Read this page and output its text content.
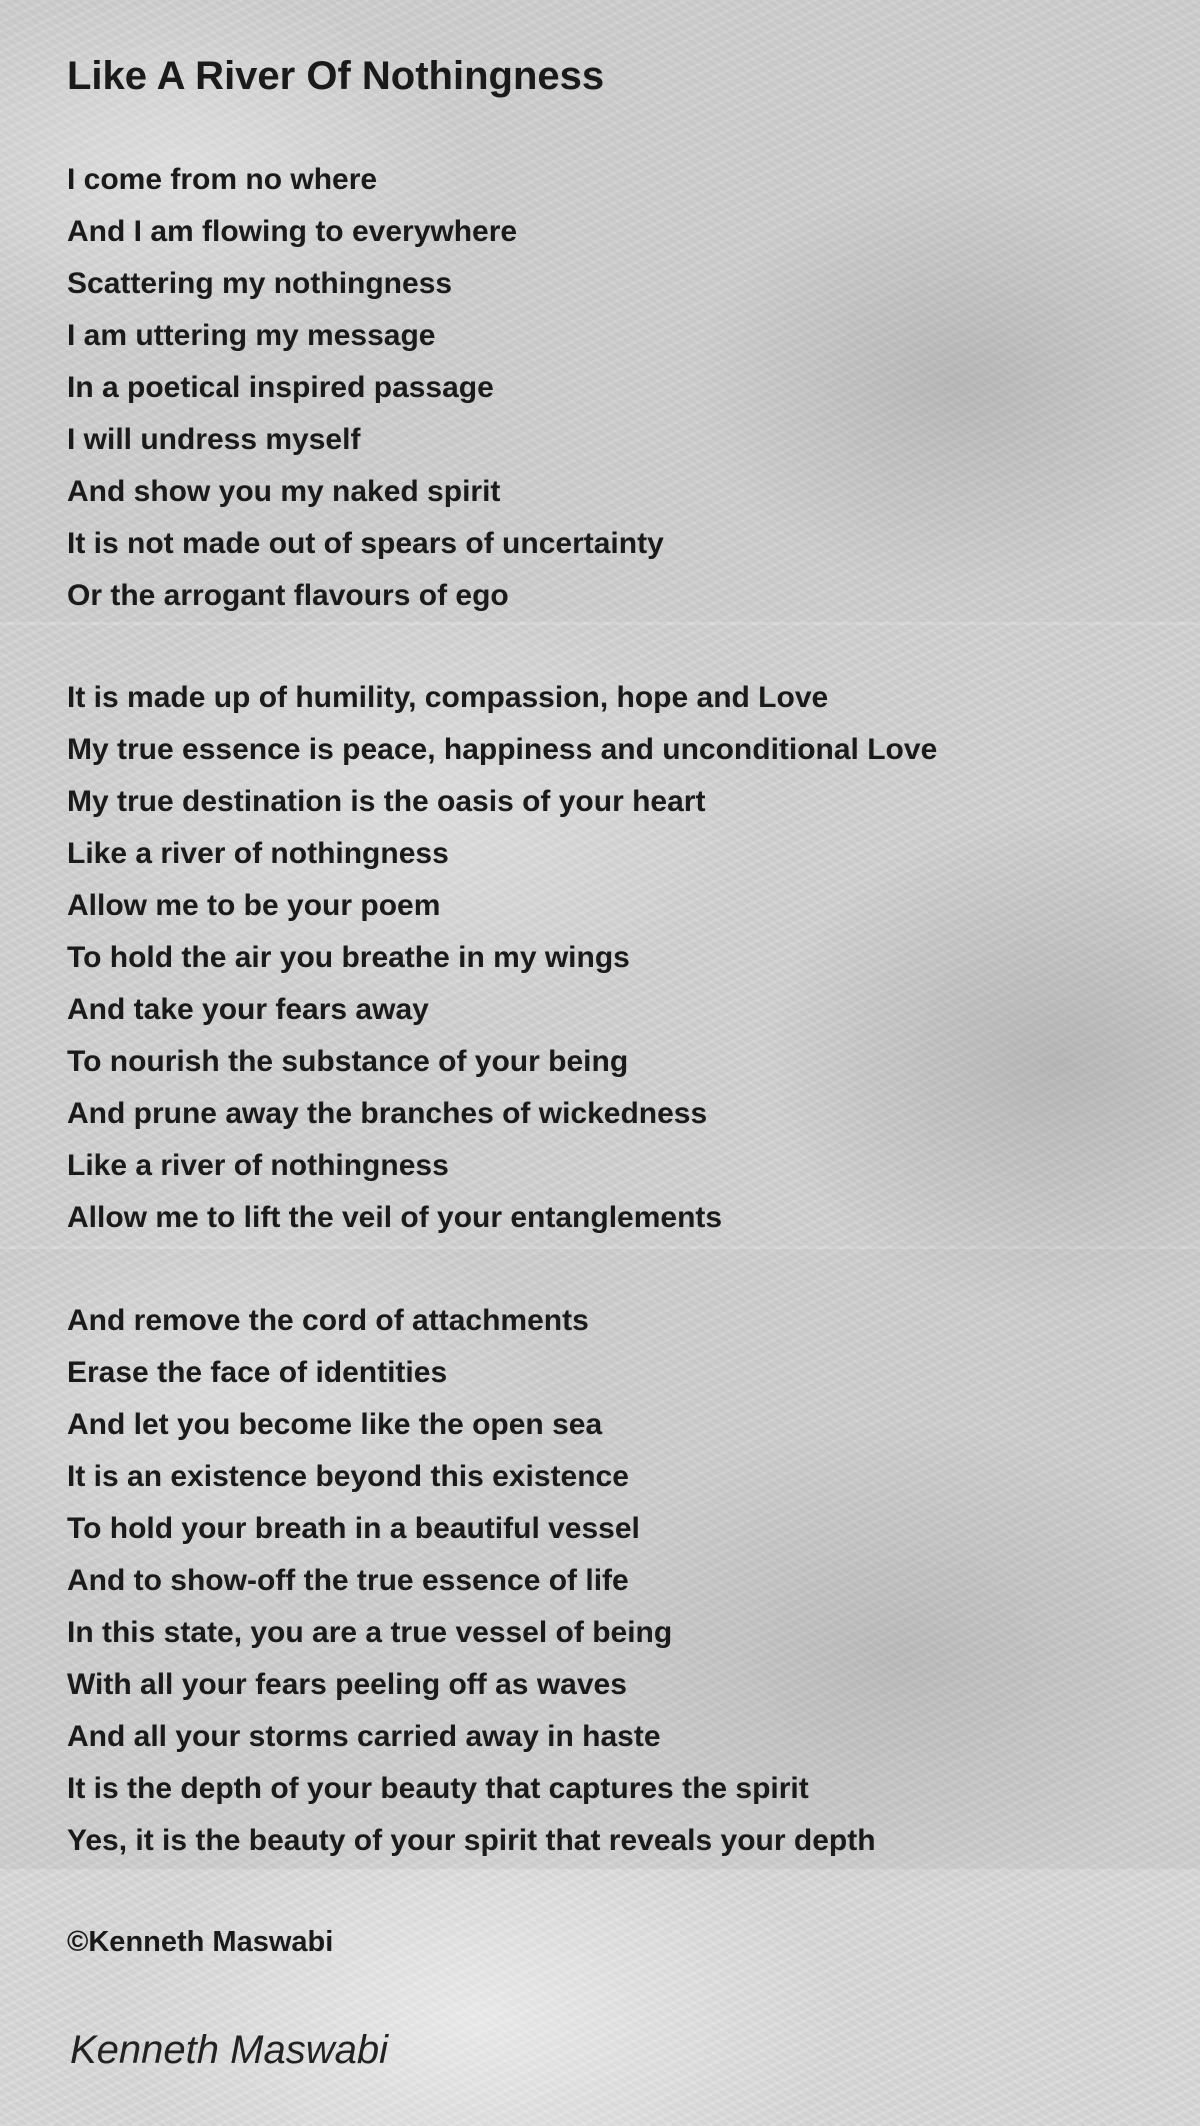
Like A River Of Nothingness
I come from no where
And I am flowing to everywhere
Scattering my nothingness
I am uttering my message
In a poetical inspired passage
I will undress myself
And show you my naked spirit
It is not made out of spears of uncertainty
Or the arrogant flavours of ego
It is made up of humility, compassion, hope and Love
My true essence is peace, happiness and unconditional Love
My true destination is the oasis of your heart
Like a river of nothingness
Allow me to be your poem
To hold the air you breathe in my wings
And take your fears away
To nourish the substance of your being
And prune away the branches of wickedness
Like a river of nothingness
Allow me to lift the veil of your entanglements
And remove the cord of attachments
Erase the face of identities
And let you become like the open sea
It is an existence beyond this existence
To hold your breath in a beautiful vessel
And to show-off the true essence of life
In this state, you are a true vessel of being
With all your fears peeling off as waves
And all your storms carried away in haste
It is the depth of your beauty that captures the spirit
Yes, it is the beauty of your spirit that reveals your depth
©Kenneth Maswabi
Kenneth Maswabi
